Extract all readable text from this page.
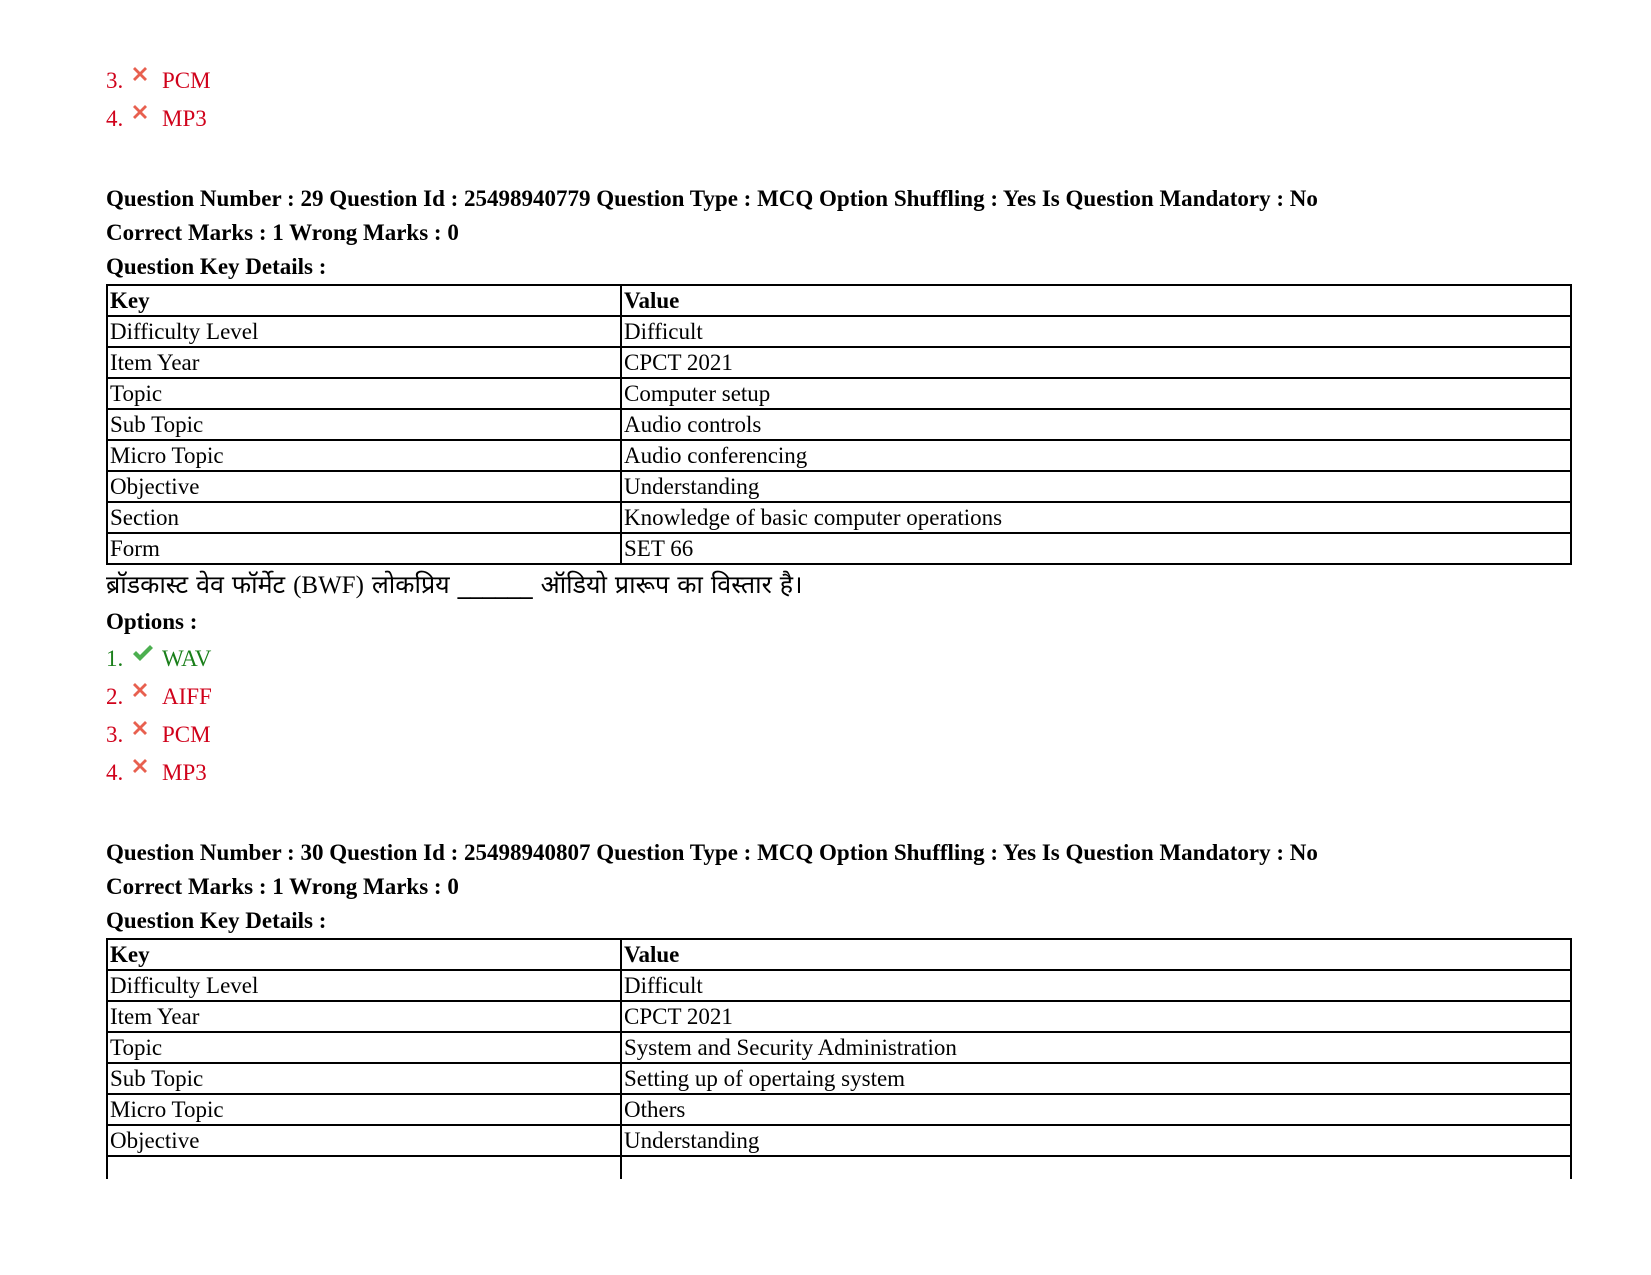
3. PCM
4. MP3
Question Number : 29 Question Id : 25498940779 Question Type : MCQ Option Shuffling : Yes Is Question Mandatory : No
Correct Marks : 1 Wrong Marks : 0
Question Key Details :
Key	Value
Difficulty Level	Difficult
Item Year	CPCT 2021
Topic	Computer setup
Sub Topic	Audio controls
Micro Topic	Audio conferencing
Objective	Understanding
Section	Knowledge of basic computer operations
Form	SET 66
ब्रॉडकास्ट वेव फॉर्मेट (BWF) लोकप्रिय ______ ऑडियो प्रारूप का विस्तार है।
Options :
1. WAV
2. AIFF
3. PCM
4. MP3
Question Number : 30 Question Id : 25498940807 Question Type : MCQ Option Shuffling : Yes Is Question Mandatory : No
Correct Marks : 1 Wrong Marks : 0
Question Key Details :
Key	Value
Difficulty Level	Difficult
Item Year	CPCT 2021
Topic	System and Security Administration
Sub Topic	Setting up of opertaing system
Micro Topic	Others
Objective	Understanding
